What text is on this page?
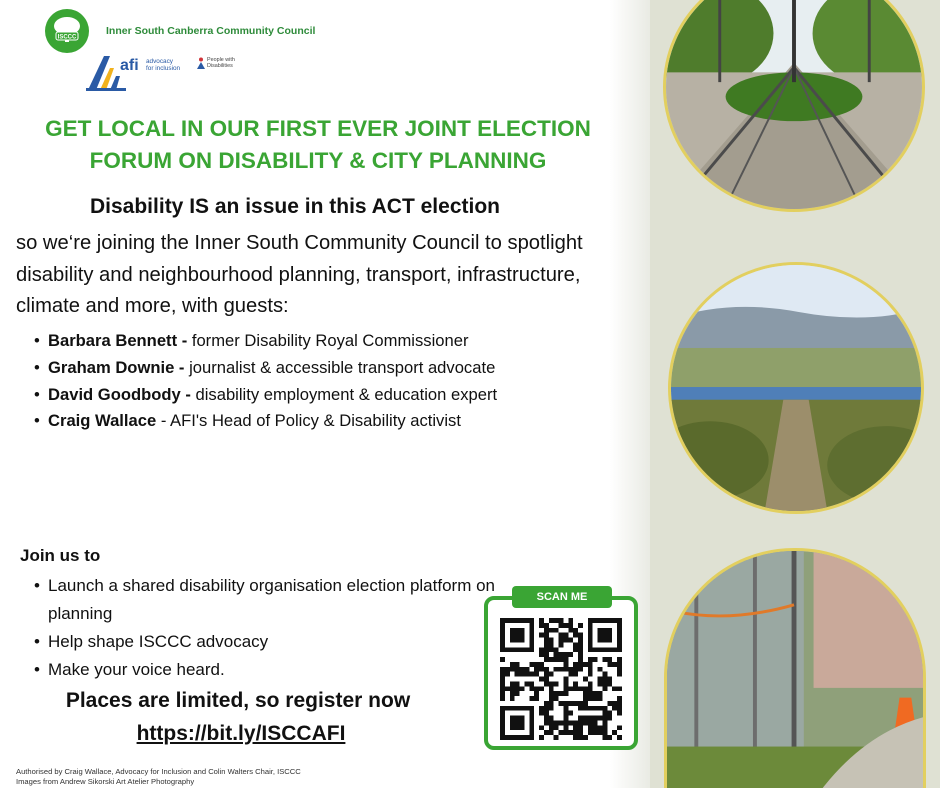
ISCCC
Inner South Canberra Community Council
afi advocacy
for inclusion
People with
Disabilities
GET LOCAL IN OUR FIRST EVER JOINT ELECTION
FORUM ON DISABILITY & CITY PLANNING
Disability IS an issue in this ACT election
so we‘re joining the Inner South Community Council to spotlight disability and neighbourhood planning, transport, infrastructure, climate and more, with guests:
• Barbara Bennett - former Disability Royal Commissioner
• Graham Downie - journalist & accessible transport advocate
• David Goodbody - disability employment & education expert
• Craig Wallace - AFI's Head of Policy & Disability activist
Join us to
• Launch a shared disability organisation election platform on planning
• Help shape ISCCC advocacy
• Make your voice heard.
Places are limited, so register now
https://bit.ly/ISCCAFI
SCAN ME
Authorised by Craig Wallace, Advocacy for Inclusion and Colin Walters Chair, ISCCC
Images from Andrew Sikorski Art Atelier Photography
